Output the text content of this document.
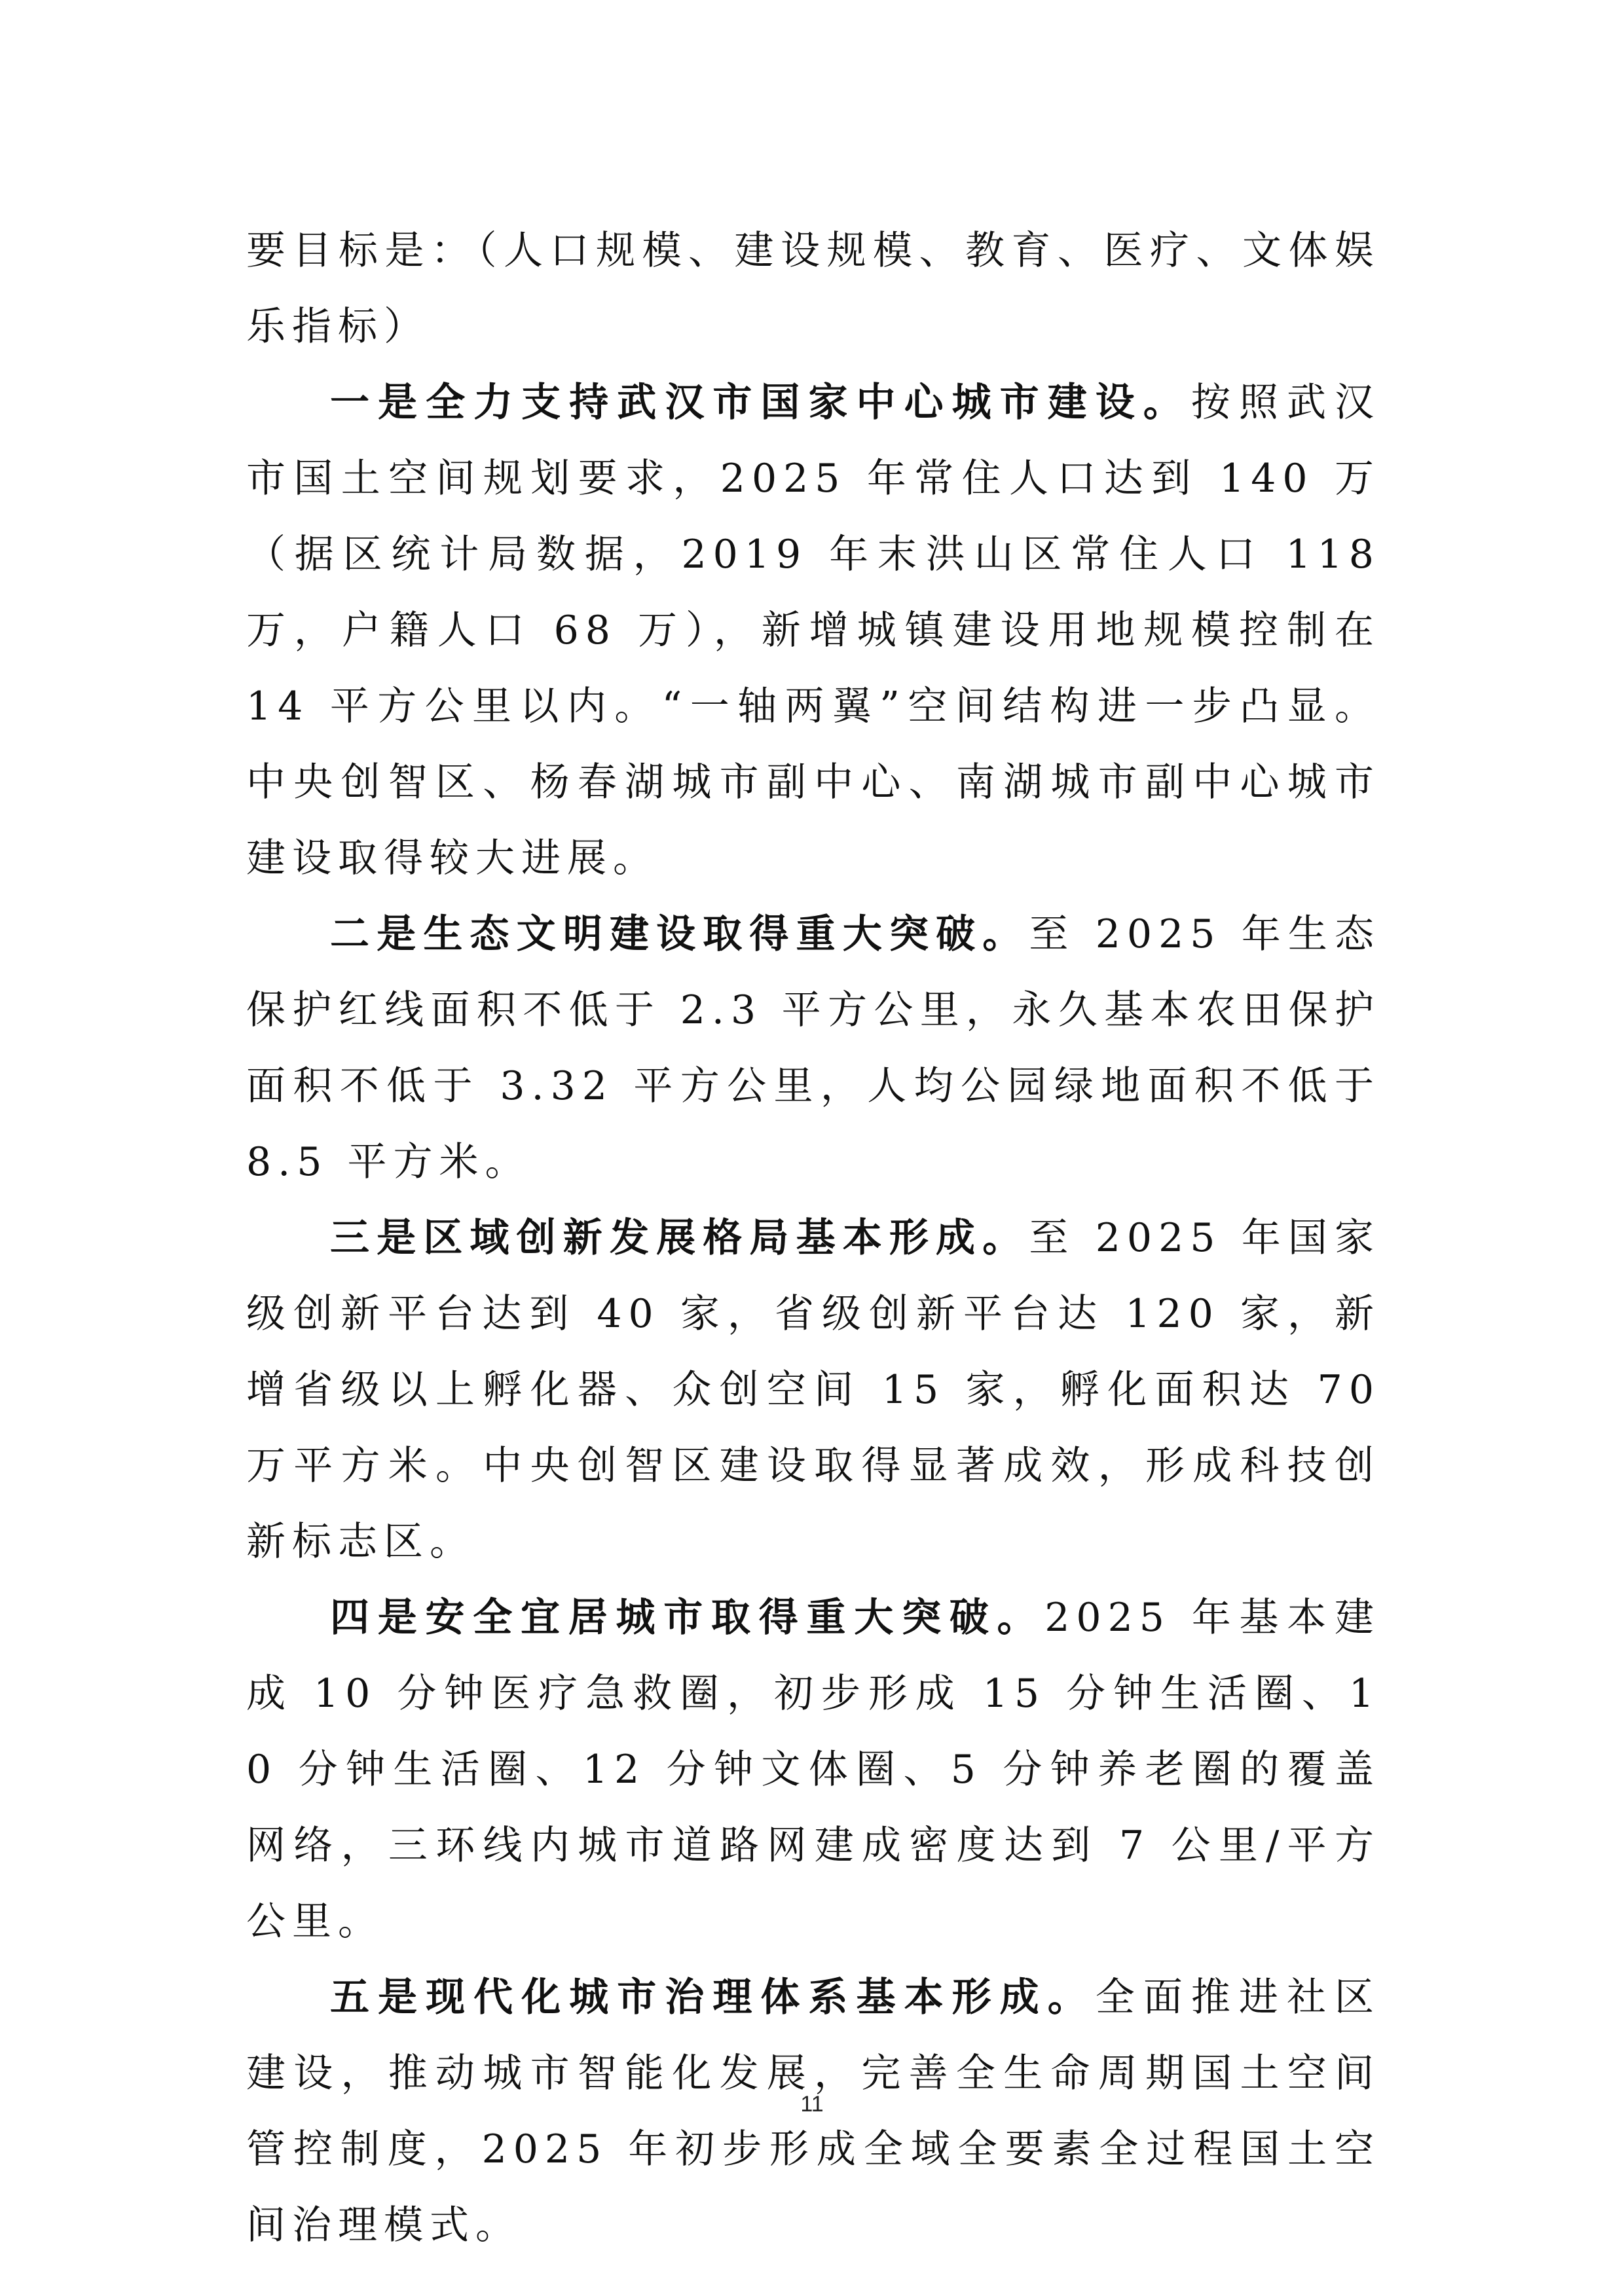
要目标是：（人口规模、建设规模、教育、医疗、文体娱乐指标）

一是全力支持武汉市国家中心城市建设。按照武汉市国土空间规划要求，2025 年常住人口达到 140 万（据区统计局数据，2019 年末洪山区常住人口 118 万，户籍人口 68 万），新增城镇建设用地规模控制在 14 平方公里以内。“一轴两翼”空间结构进一步凸显。中央创智区、杨春湖城市副中心、南湖城市副中心城市建设取得较大进展。

二是生态文明建设取得重大突破。至 2025 年生态保护红线面积不低于 2.3 平方公里，永久基本农田保护面积不低于 3.32 平方公里，人均公园绿地面积不低于 8.5 平方米。

三是区域创新发展格局基本形成。至 2025 年国家级创新平台达到 40 家，省级创新平台达 120 家，新增省级以上孵化器、众创空间 15 家，孵化面积达 70 万平方米。中央创智区建设取得显著成效，形成科技创新标志区。

四是安全宜居城市取得重大突破。2025 年基本建成 10 分钟医疗急救圈，初步形成 15 分钟生活圈、10 分钟生活圈、12 分钟文体圈、5 分钟养老圈的覆盖网络，三环线内城市道路网建成密度达到 7 公里/平方公里。

五是现代化城市治理体系基本形成。全面推进社区建设，推动城市智能化发展，完善全生命周期国土空间管控制度，2025 年初步形成全域全要素全过程国土空间治理模式。

11
